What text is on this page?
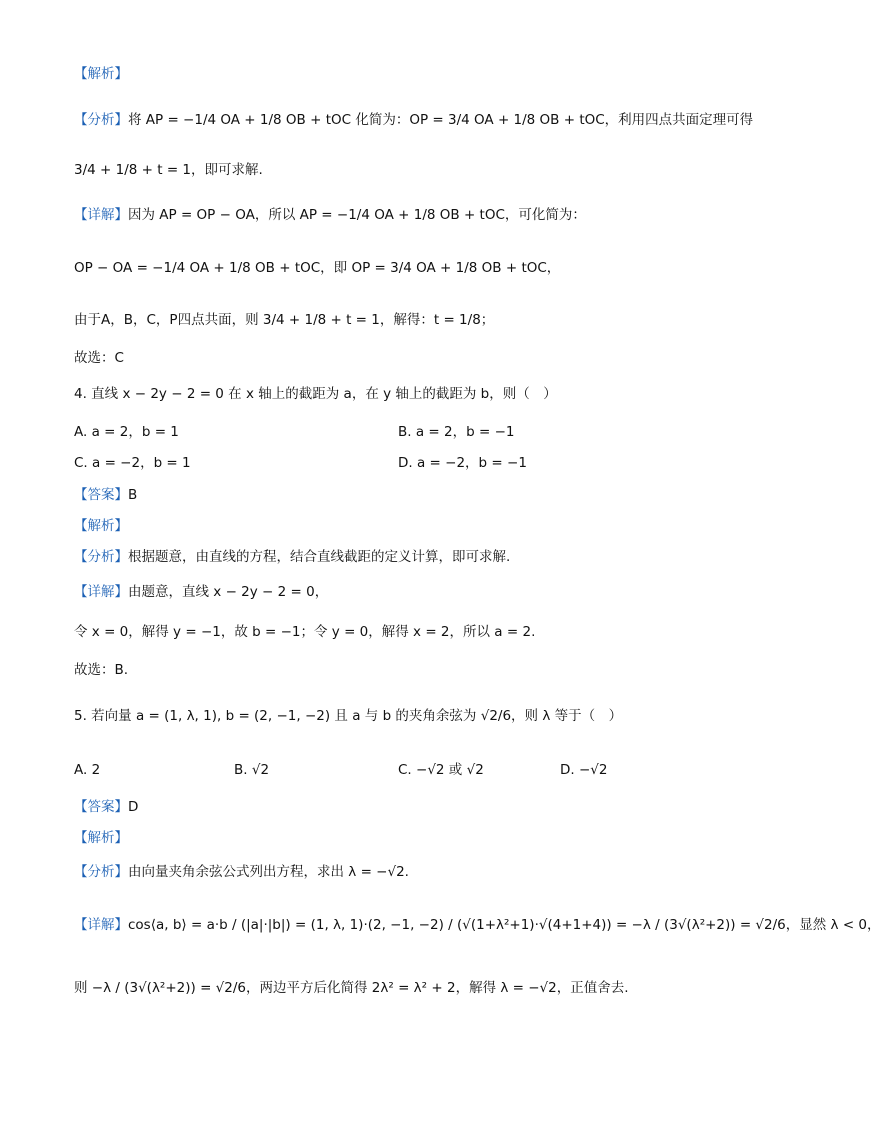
【解析】
【分析】将 AP = −1/4 OA + 1/8 OB + tOC 化简为：OP = 3/4 OA + 1/8 OB + tOC，利用四点共面定理可得
3/4 + 1/8 + t = 1，即可求解.
【详解】因为 AP = OP − OA，所以 AP = −1/4 OA + 1/8 OB + tOC，可化简为：
OP − OA = −1/4 OA + 1/8 OB + tOC，即 OP = 3/4 OA + 1/8 OB + tOC，
由于A，B，C，P四点共面，则 3/4 + 1/8 + t = 1，解得：t = 1/8；
故选：C
4. 直线 x − 2y − 2 = 0 在 x 轴上的截距为 a，在 y 轴上的截距为 b，则（　）
【答案】B
【解析】
【分析】根据题意，由直线的方程，结合直线截距的定义计算，即可求解.
【详解】由题意，直线 x − 2y − 2 = 0，
令 x = 0，解得 y = −1，故 b = −1；令 y = 0，解得 x = 2，所以 a = 2.
故选：B.
5. 若向量 a = (1, λ, 1), b = (2, −1, −2) 且 a 与 b 的夹角余弦为 √2/6，则 λ 等于（　）
【答案】D
【解析】
【分析】由向量夹角余弦公式列出方程，求出 λ = −√2.
【详解】cos⟨a, b⟩ = a·b / (|a|·|b|) = (1, λ, 1)·(2, −1, −2) / (√(1+λ²+1)·√(4+1+4)) = −λ / (3√(λ²+2)) = √2/6，显然 λ < 0，
则 −λ / (3√(λ²+2)) = √2/6，两边平方后化简得 2λ² = λ² + 2，解得 λ = −√2，正值舍去.
A. a = 2，b = 1	B. a = 2，b = −1
C. a = −2，b = 1	D. a = −2，b = −1
A. 2	B. √2	C. −√2 或 √2	D. −√2
